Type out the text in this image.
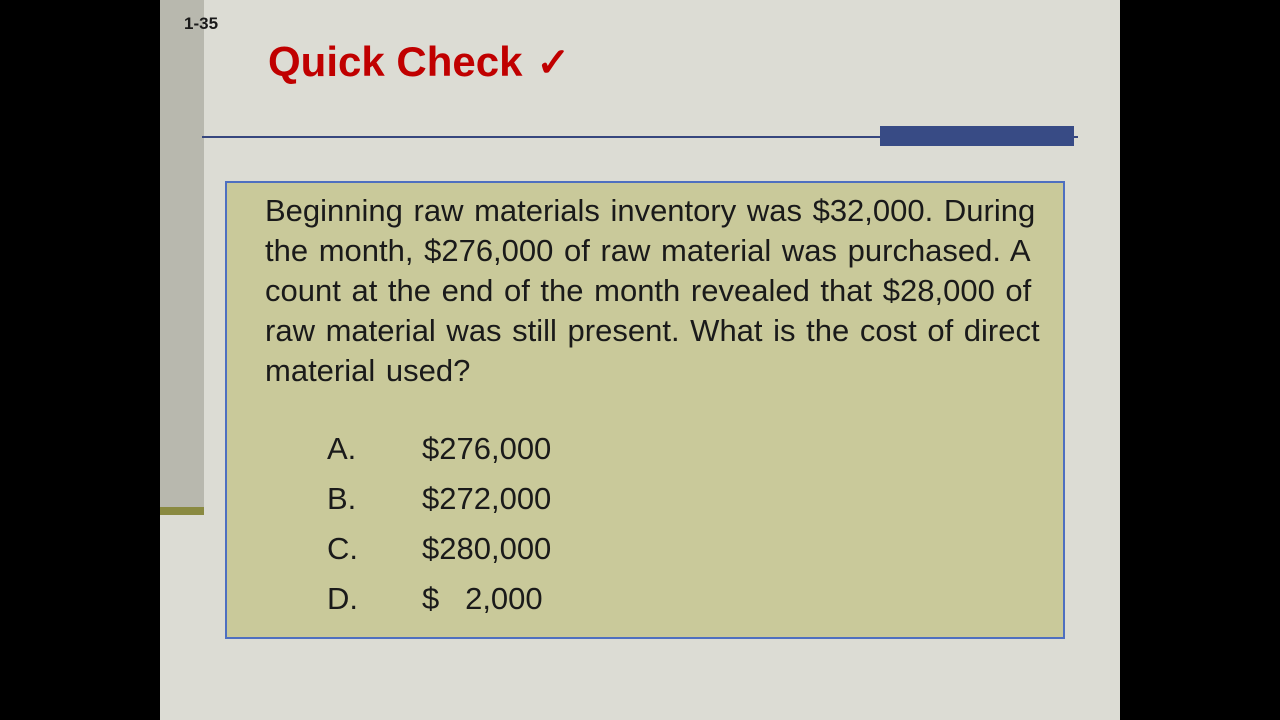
1-35
Quick Check ✓
Beginning raw materials inventory was $32,000. During the month, $276,000 of raw material was purchased. A count at the end of the month revealed that $28,000 of raw material was still present. What is the cost of direct material used?
A.	$276,000
B.	$272,000
C.	$280,000
D.	$   2,000
